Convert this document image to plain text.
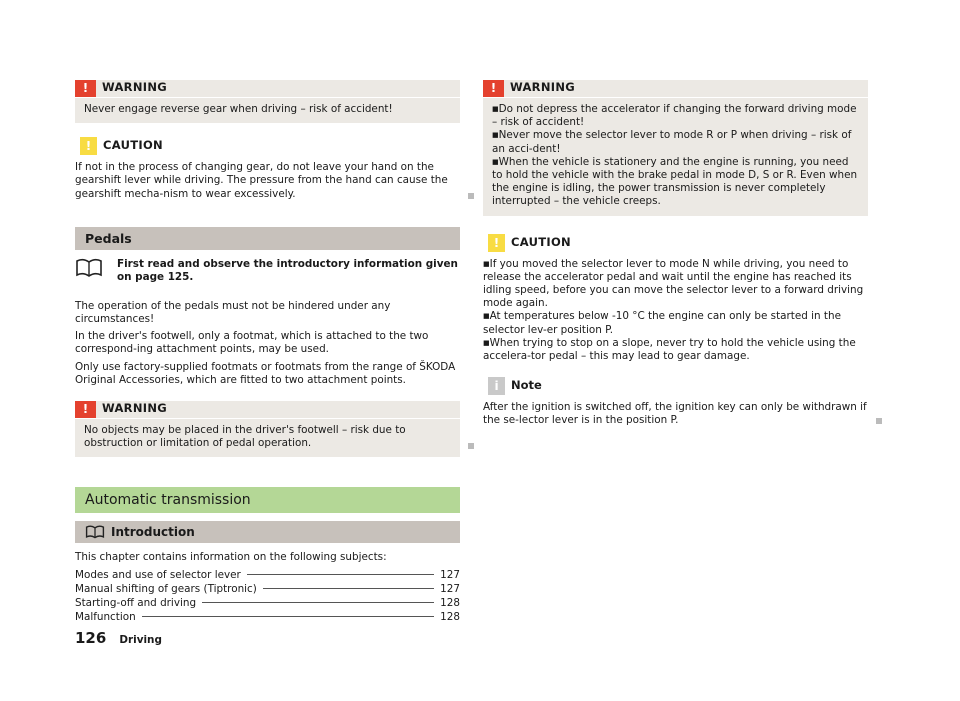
!	WARNING

Never engage reverse gear when driving – risk of accident!

!	CAUTION

If not in the process of changing gear, do not leave your hand on the gearshift lever while driving. The pressure from the hand can cause the gearshift mecha-nism to wear excessively.

Pedals
First read and observe the introductory information given on page 125.

The operation of the pedals must not be hindered under any circumstances!

In the driver's footwell, only a footmat, which is attached to the two correspond-ing attachment points, may be used.

Only use factory-supplied footmats or footmats from the range of ŠKODA Original Accessories, which are fitted to two attachment points.

!	WARNING

No objects may be placed in the driver's footwell – risk due to obstruction or limitation of pedal operation.

Automatic transmission
Introduction

This chapter contains information on the following subjects:

Modes and use of selector lever	127
Manual shifting of gears (Tiptronic)	127
Starting-off and driving	128
Malfunction	128
!	WARNING

■ Do not depress the accelerator if changing the forward driving mode – risk of accident!

■ Never move the selector lever to mode R or P when driving – risk of an acci-dent!

■ When the vehicle is stationery and the engine is running, you need to hold the vehicle with the brake pedal in mode D, S or R. Even when the engine is idling, the power transmission is never completely interrupted – the vehicle creeps.

!	CAUTION

■ If you moved the selector lever to mode N while driving, you need to release the accelerator pedal and wait until the engine has reached its idling speed, before you can move the selector lever to a forward driving mode again.

■ At temperatures below -10 °C the engine can only be started in the selector lev-er position P.

■ When trying to stop on a slope, never try to hold the vehicle using the accelera-tor pedal – this may lead to gear damage.

i	Note

After the ignition is switched off, the ignition key can only be withdrawn if the se-lector lever is in the position P.

126 Driving
